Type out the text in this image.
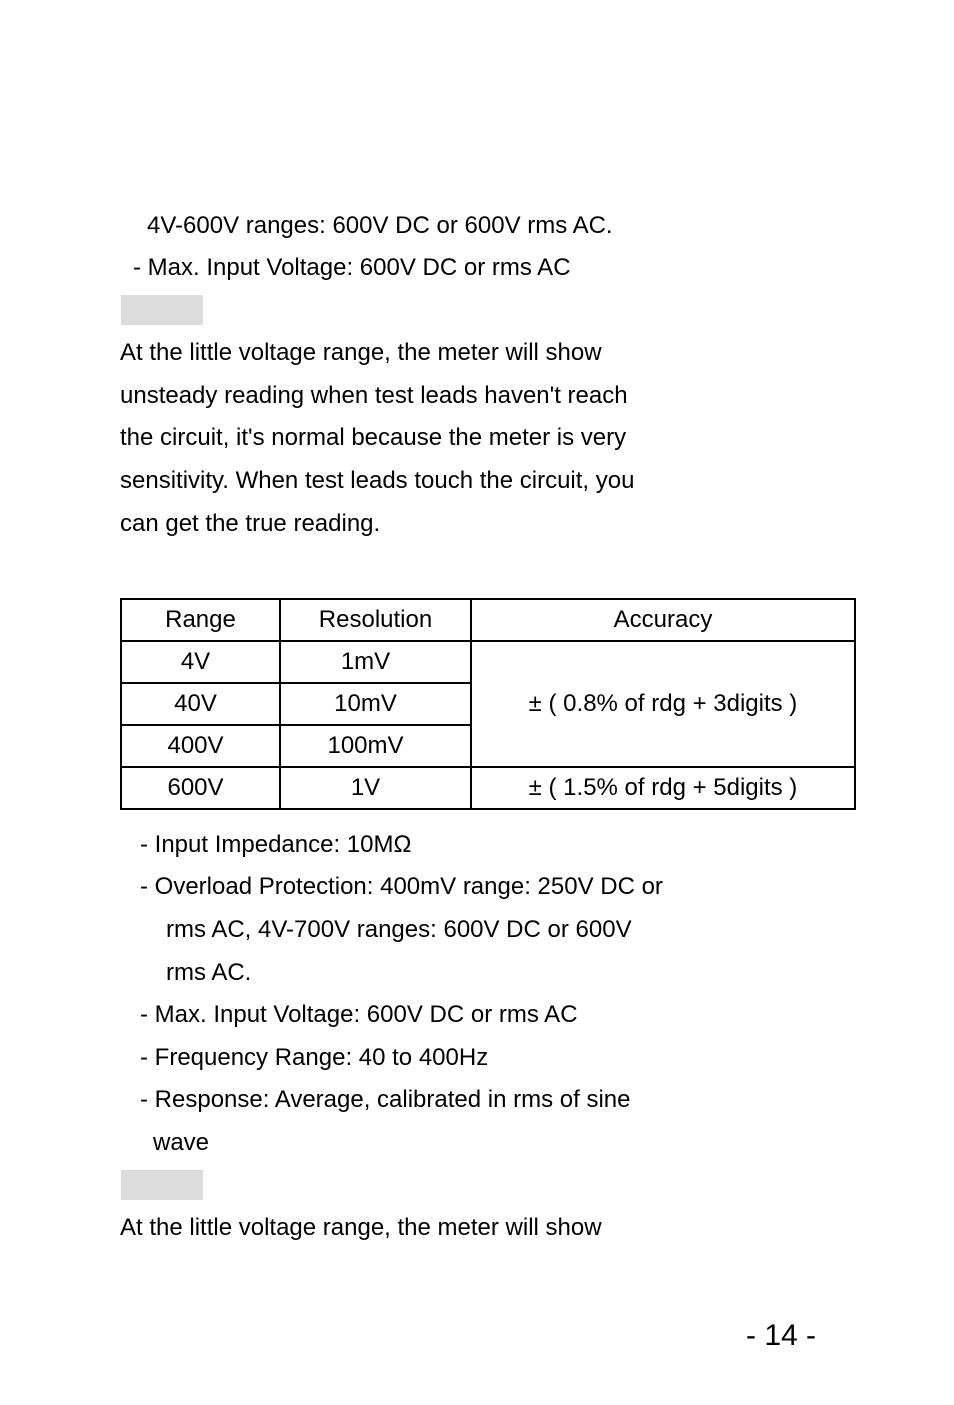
4V-600V ranges: 600V DC or 600V rms AC.
- Max. Input Voltage: 600V DC or rms AC
At the little voltage range, the meter will show
unsteady reading when test leads haven't reach
the circuit, it's normal because the meter is very
sensitivity. When test leads touch the circuit, you
can get the true reading.
Range	Resolution	Accuracy
4V	1mV	± ( 0.8% of rdg + 3digits )
40V	10mV	
400V	100mV	
600V	1V	± ( 1.5% of rdg + 5digits )
- Input Impedance: 10MΩ
- Overload Protection: 400mV range: 250V DC or
rms AC, 4V-700V ranges: 600V DC or 600V
rms AC.
- Max. Input Voltage: 600V DC or rms AC
- Frequency Range: 40 to 400Hz
- Response: Average, calibrated in rms of sine
wave
At the little voltage range, the meter will show
- 14 -
